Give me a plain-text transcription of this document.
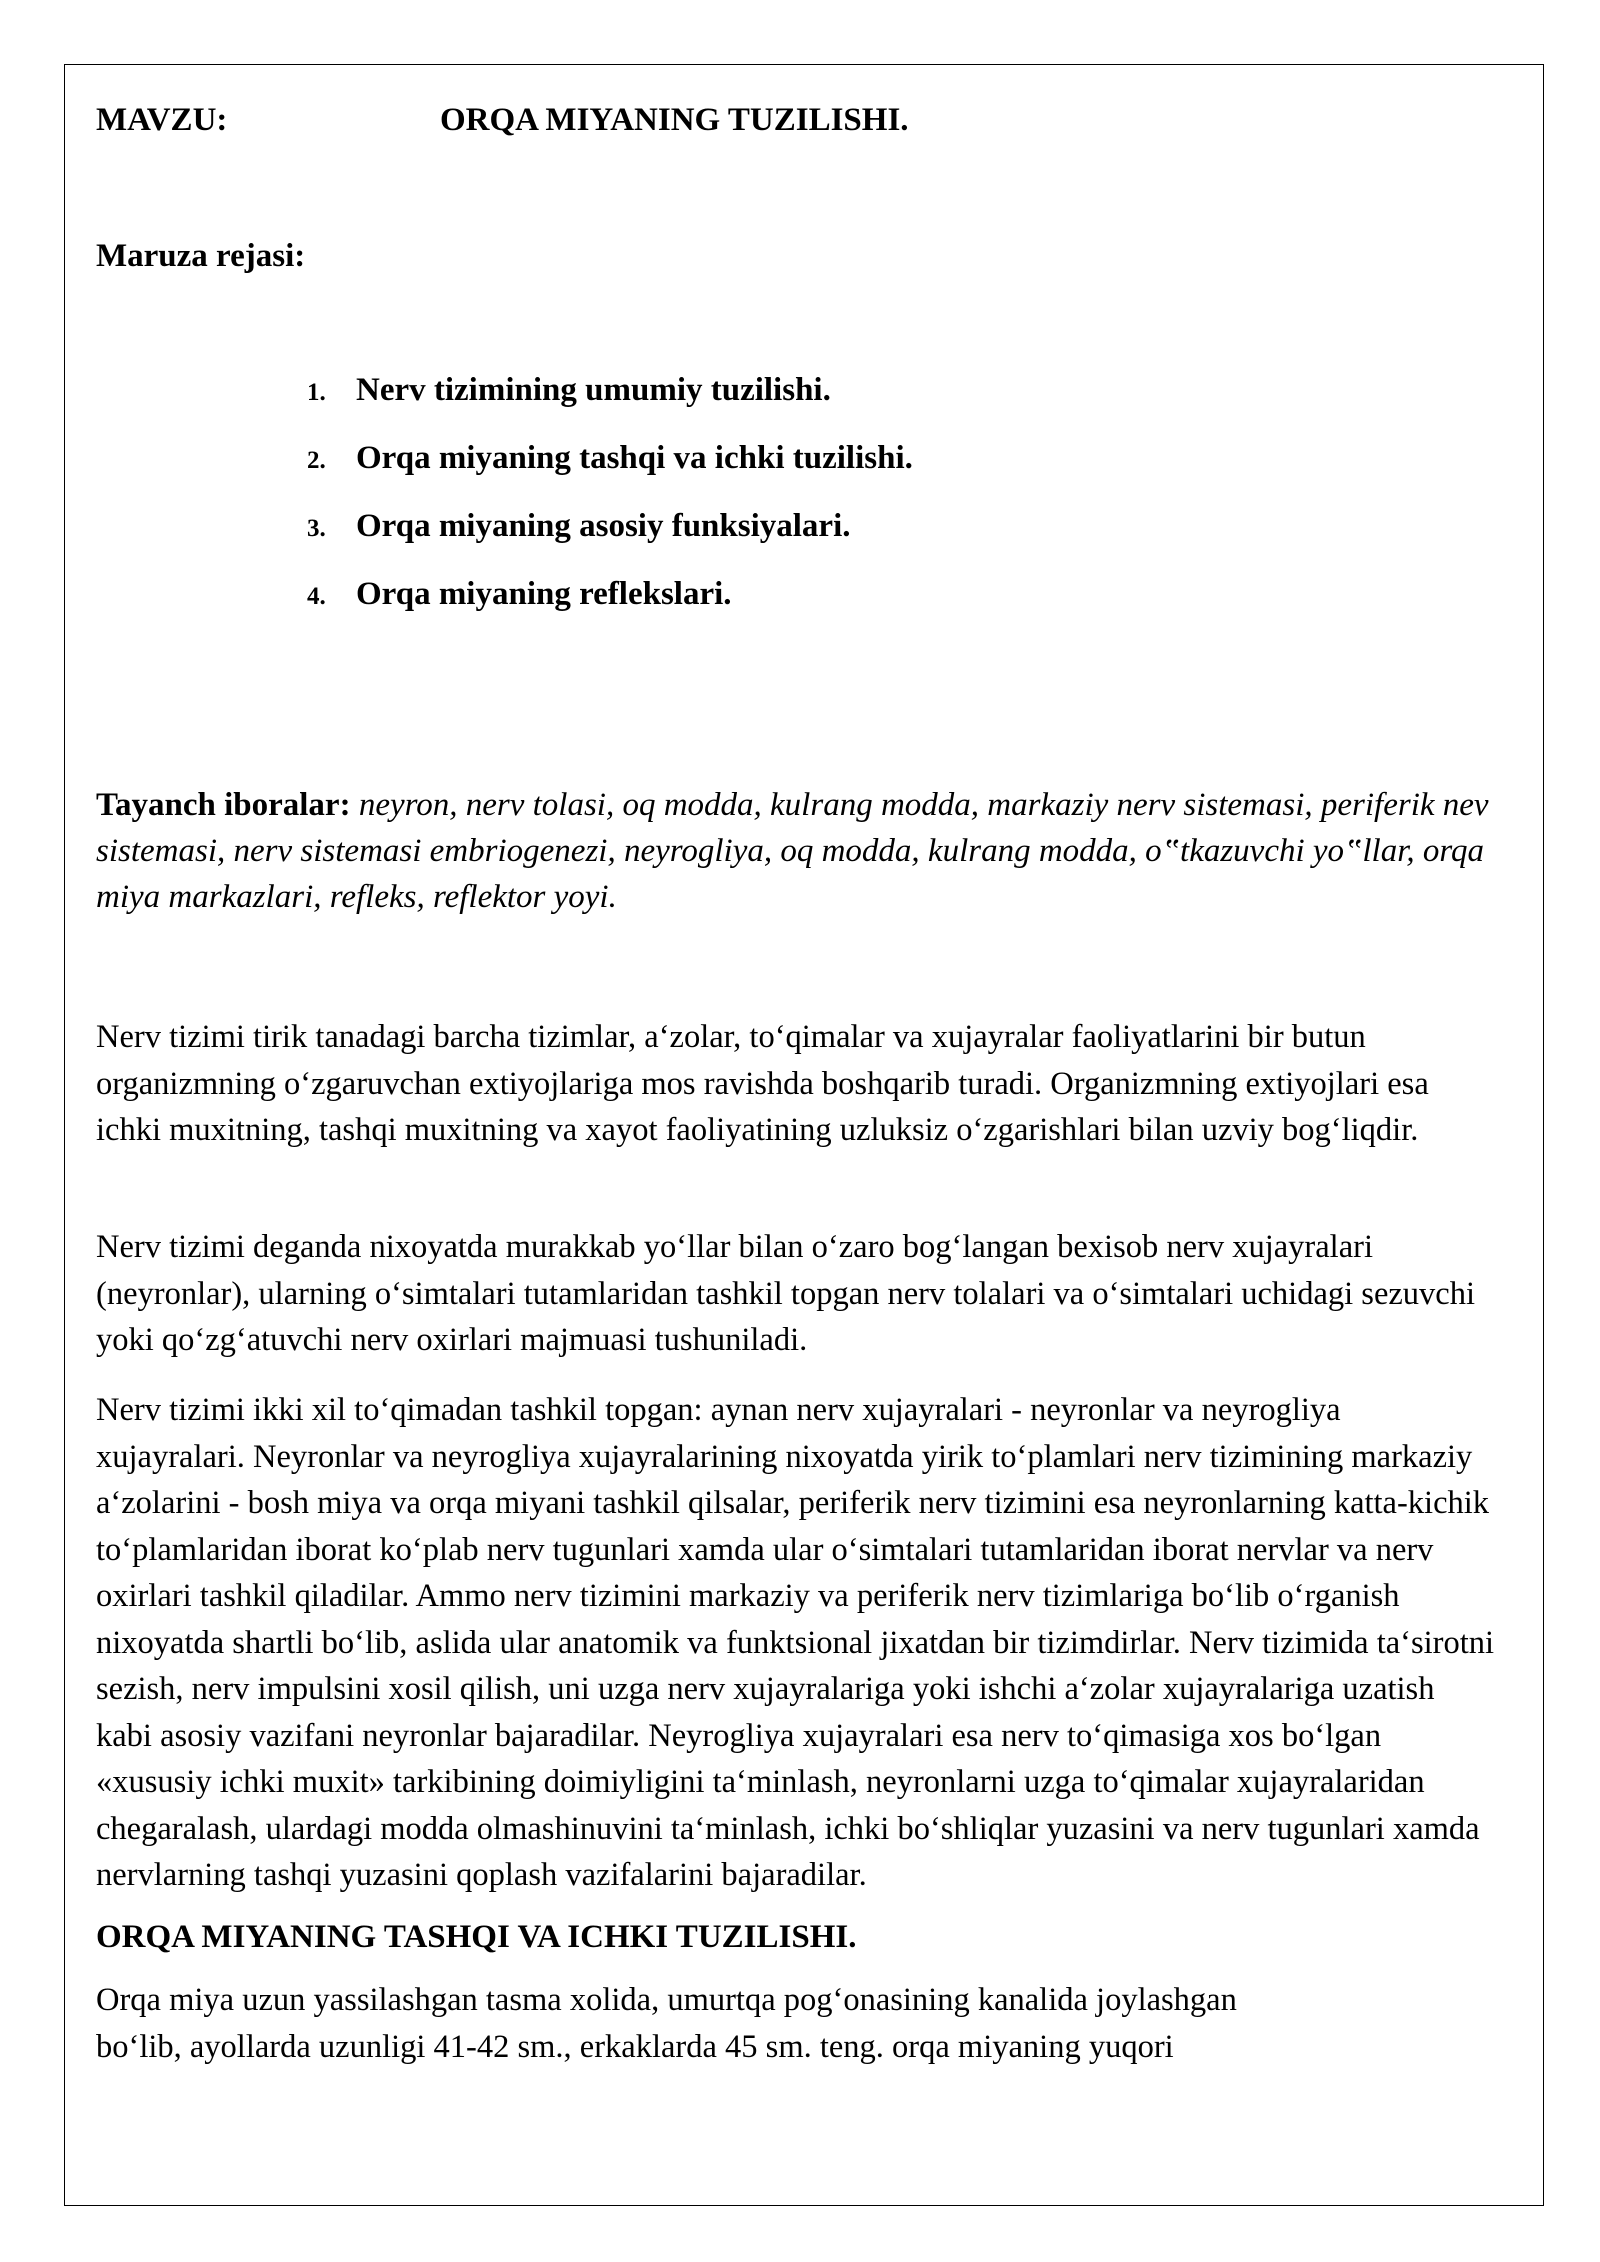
MAVZU:	ORQA MIYANING TUZILISHI.
Maruza rejasi:
1. Nerv tizimining umumiy tuzilishi.
2. Orqa miyaning tashqi va ichki tuzilishi.
3. Orqa miyaning asosiy funksiyalari.
4. Orqa miyaning reflekslari.
Tayanch iboralar: neyron, nerv tolasi, oq modda, kulrang modda, markaziy nerv sistemasi, periferik nev sistemasi, nerv sistemasi embriogenezi, neyrogliya, oq modda, kulrang modda, o‟tkazuvchi yo‟llar, orqa miya markazlari, refleks, reflektor yoyi.

Nerv tizimi tirik tanadagi barcha tizimlar, a‘zolar, to‘qimalar va xujayralar faoliyatlarini bir butun organizmning o‘zgaruvchan extiyojlariga mos ravishda boshqarib turadi. Organizmning extiyojlari esa ichki muxitning, tashqi muxitning va xayot faoliyatining uzluksiz o‘zgarishlari bilan uzviy bog‘liqdir.

Nerv tizimi deganda nixoyatda murakkab yo‘llar bilan o‘zaro bog‘langan bexisob nerv xujayralari (neyronlar), ularning o‘simtalari tutamlaridan tashkil topgan nerv tolalari va o‘simtalari uchidagi sezuvchi yoki qo‘zg‘atuvchi nerv oxirlari majmuasi tushuniladi.

Nerv tizimi ikki xil to‘qimadan tashkil topgan: aynan nerv xujayralari - neyronlar va neyrogliya xujayralari. Neyronlar va neyrogliya xujayralarining nixoyatda yirik to‘plamlari nerv tizimining markaziy a‘zolarini - bosh miya va orqa miyani tashkil qilsalar, periferik nerv tizimini esa neyronlarning katta-kichik to‘plamlaridan iborat ko‘plab nerv tugunlari xamda ular o‘simtalari tutamlaridan iborat nervlar va nerv oxirlari tashkil qiladilar. Ammo nerv tizimini markaziy va periferik nerv tizimlariga bo‘lib o‘rganish nixoyatda shartli bo‘lib, aslida ular anatomik va funktsional jixatdan bir tizimdirlar. Nerv tizimida ta‘sirotni sezish, nerv impulsini xosil qilish, uni uzga nerv xujayralariga yoki ishchi a‘zolar xujayralariga uzatish kabi asosiy vazifani neyronlar bajaradilar. Neyrogliya xujayralari esa nerv to‘qimasiga xos bo‘lgan «xususiy ichki muxit» tarkibining doimiyligini ta‘minlash, neyronlarni uzga to‘qimalar xujayralaridan chegaralash, ulardagi modda olmashinuvini ta‘minlash, ichki bo‘shliqlar yuzasini va nerv tugunlari xamda nervlarning tashqi yuzasini qoplash vazifalarini bajaradilar.

ORQA MIYANING TASHQI VA ICHKI TUZILISHI.
Orqa miya uzun yassilashgan tasma xolida, umurtqa pog‘onasining kanalida joylashgan
bo‘lib, ayollarda uzunligi 41-42 sm., erkaklarda 45 sm. teng. orqa miyaning yuqori
